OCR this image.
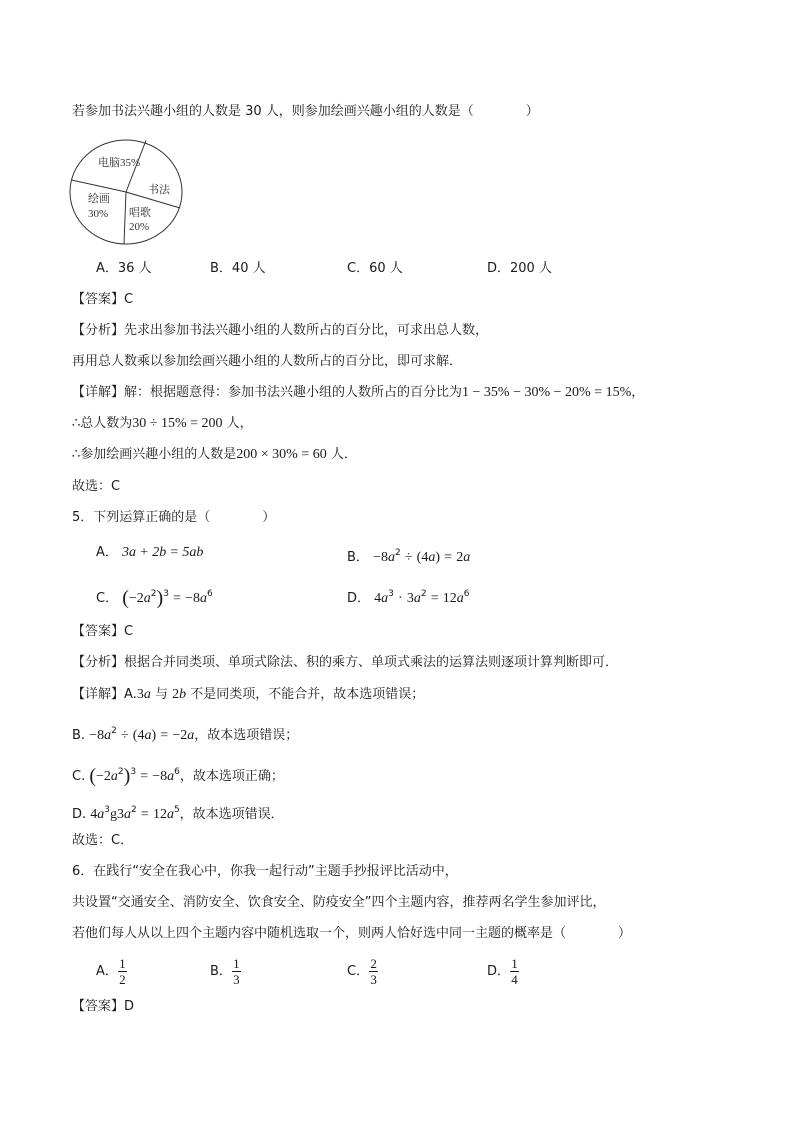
若参加书法兴趣小组的人数是 30 人，则参加绘画兴趣小组的人数是（　　　　）
电脑35%
书法
绘画
30% 唱歌
20%
A．36 人	B．40 人	C．60 人	D．200 人
【答案】C
【分析】先求出参加书法兴趣小组的人数所占的百分比，可求出总人数，
再用总人数乘以参加绘画兴趣小组的人数所占的百分比，即可求解．
【详解】解：根据题意得：参加书法兴趣小组的人数所占的百分比为1 − 35% − 30% − 20% = 15%，
∴总人数为30 ÷ 15% = 200 人，
∴参加绘画兴趣小组的人数是200 × 30% = 60 人．
故选：C
5．下列运算正确的是（　　　　）
A． 3a + 2b = 5ab	B． $-8a^2 \div (4a) = 2a$
C． $(-2a^2)^3 = -8a^6$	D． $4a^3 \cdot 3a^2 = 12a^6$
【答案】C
【分析】根据合并同类项、单项式除法、积的乘方、单项式乘法的运算法则逐项计算判断即可．
【详解】A.3a 与 2b 不是同类项，不能合并，故本选项错误；
B. $-8a^2 \div (4a) = -2a$，故本选项错误；
C. $(-2a^2)^3 = -8a^6$，故本选项正确；
D. $4a^3g3a^2 = 12a^5$，故本选项错误．
故选：C．
6．在践行“安全在我心中，你我一起行动”主题手抄报评比活动中，
共设置“交通安全、消防安全、饮食安全、防疫安全”四个主题内容，推荐两名学生参加评比，
若他们每人从以上四个主题内容中随机选取一个，则两人恰好选中同一主题的概率是（　　　　）
A． $\frac{1}{2}$	B． $\frac{1}{3}$	C． $\frac{2}{3}$	D． $\frac{1}{4}$
【答案】D
